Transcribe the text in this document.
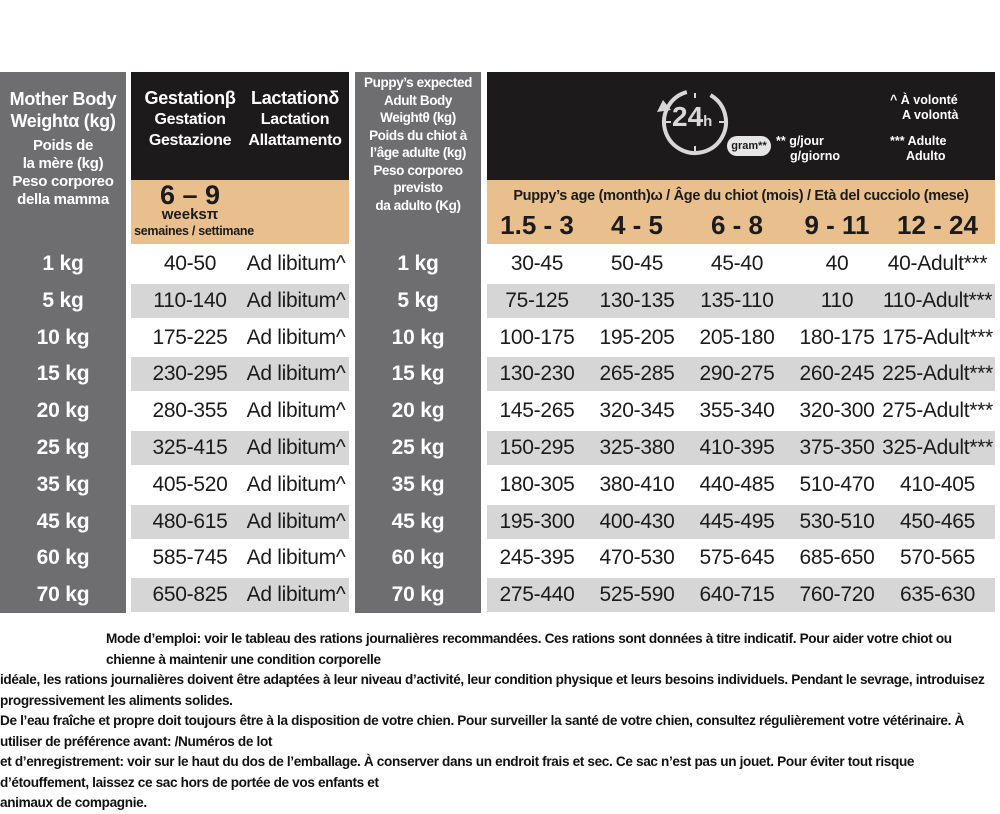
Mother Body
Weightα (kg)
Poids de
la mère (kg)
Peso corporeo
della mamma
Gestationβ
Gestation
Gestazione
Lactationδ
Lactation
Allattamento
6 – 9
weeksπ
semaines / settimane
Puppy’s expected
Adult Body
Weightθ (kg)
Poids du chiot à
l’âge adulte (kg)
Peso corporeo previsto
da adulto (Kg)
24h
gram** ** g/jour
g/giorno
^ À volonté
A volontà
*** Adulte
Adulto
Puppy’s age (month)ω / Âge du chiot (mois) / Età del cucciolo (mese)
1.5 - 3	4 - 5	6 - 8	9 - 11	12 - 24
1 kg	40-50	Ad libitum^	1 kg	30-45	50-45	45-40	40	40-Adult***
5 kg	110-140 Ad libitum^	5 kg	75-125	130-135	135-110	110	110-Adult***
10 kg	175-225 Ad libitum^	10 kg	100-175	195-205	205-180	180-175 175-Adult***
15 kg	230-295 Ad libitum^	15 kg	130-230	265-285	290-275	260-245 225-Adult***
20 kg	280-355 Ad libitum^	20 kg	145-265	320-345	355-340	320-300 275-Adult***
25 kg	325-415 Ad libitum^	25 kg	150-295	325-380	410-395	375-350 325-Adult***
35 kg	405-520 Ad libitum^	35 kg	180-305	380-410	440-485	510-470	410-405
45 kg	480-615 Ad libitum^	45 kg	195-300	400-430	445-495	530-510	450-465
60 kg	585-745 Ad libitum^	60 kg	245-395	470-530	575-645	685-650	570-565
70 kg	650-825 Ad libitum^	70 kg	275-440	525-590	640-715	760-720	635-630

Mode d’emploi: voir le tableau des rations journalières recommandées. Ces rations sont données à titre indicatif. Pour aider votre chiot ou chienne à maintenir une condition corporelle

idéale, les rations journalières doivent être adaptées à leur niveau d’activité, leur condition physique et leurs besoins individuels. Pendant le sevrage, introduisez progressivement les aliments solides.

De l’eau fraîche et propre doit toujours être à la disposition de votre chien. Pour surveiller la santé de votre chien, consultez régulièrement votre vétérinaire. À utiliser de préférence avant: /Numéros de lot

et d’enregistrement: voir sur le haut du dos de l’emballage. À conserver dans un endroit frais et sec. Ce sac n’est pas un jouet. Pour éviter tout risque d’étouffement, laissez ce sac hors de portée de vos enfants et

animaux de compagnie.
